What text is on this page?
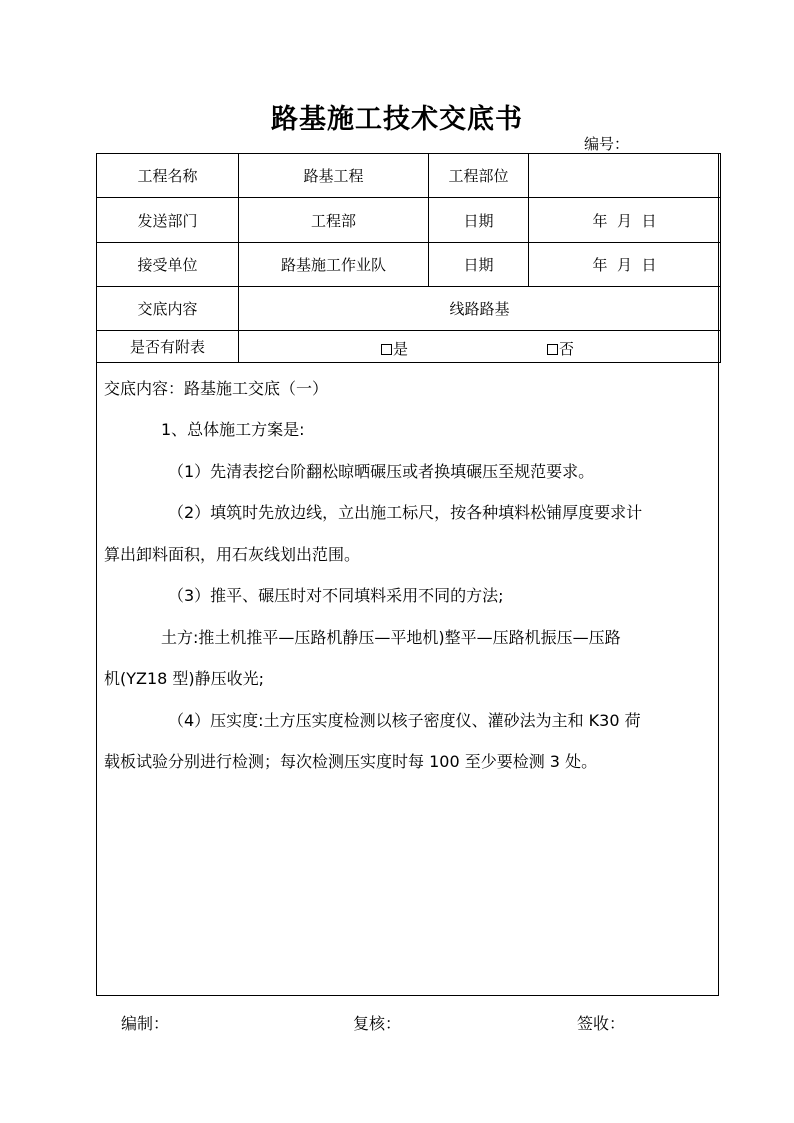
路基施工技术交底书
编号：
工程名称	路基工程	工程部位	
发送部门	工程部	日期	年  月  日
接受单位	路基施工作业队	日期	年  月  日
交底内容	线路路基		
是否有附表	是 否		

交底内容：路基施工交底（一）

1、总体施工方案是:

（1）先清表挖台阶翻松晾晒碾压或者换填碾压至规范要求。

（2）填筑时先放边线，立出施工标尺，按各种填料松铺厚度要求计

算出卸料面积，用石灰线划出范围。

（3）推平、碾压时对不同填料采用不同的方法;

土方:推土机推平—压路机静压—平地机)整平—压路机振压—压路

机(YZ18 型)静压收光;

（4）压实度:土方压实度检测以核子密度仪、灌砂法为主和 K30 荷

载板试验分别进行检测；每次检测压实度时每 100 至少要检测 3 处。

编制：	复核：	签收：
